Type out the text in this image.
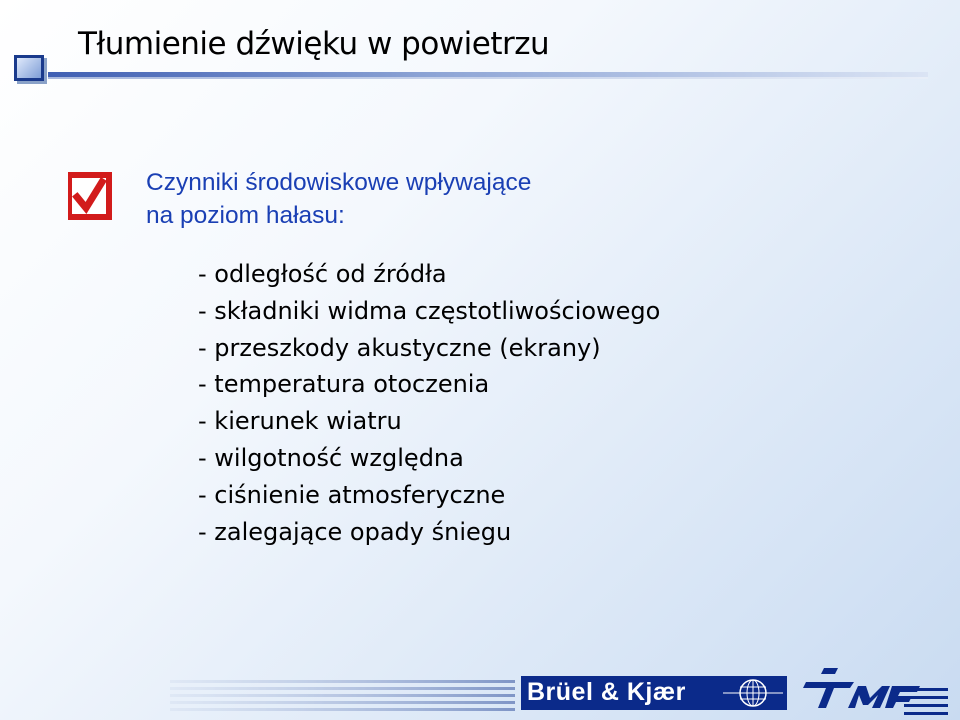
Tłumienie dźwięku w powietrzu
Czynniki środowiskowe wpływające
na poziom hałasu:
- odległość od źródła
- składniki widma częstotliwościowego
- przeszkody akustyczne (ekrany)
- temperatura otoczenia
- kierunek wiatru
- wilgotność względna
- ciśnienie atmosferyczne
- zalegające opady śniegu
Brüel & Kjær
